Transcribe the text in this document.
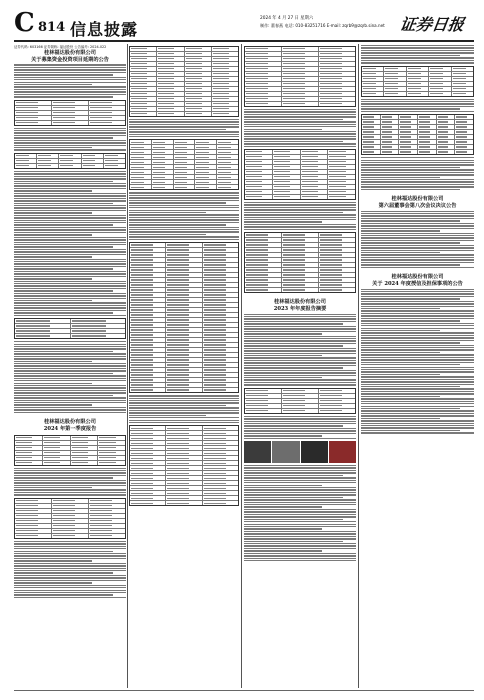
C 814 信息披露
2024 年 4 月 27 日 星期六
制作: 董春燕 电话: 010-83251716 E-mail: zqrb9@zqrb.sina.net 证券日报
证券代码: 603166 证券简称: 福达股份 公告编号: 2024-022
桂林福达股份有限公司
关于募集资金投资项目延期的公告
桂林福达股份有限公司
2024 年第一季度报告
桂林福达股份有限公司
2023 年年度报告摘要
桂林福达股份有限公司
第六届董事会第八次会议决议公告
桂林福达股份有限公司
关于 2024 年度授信及担保事项的公告
